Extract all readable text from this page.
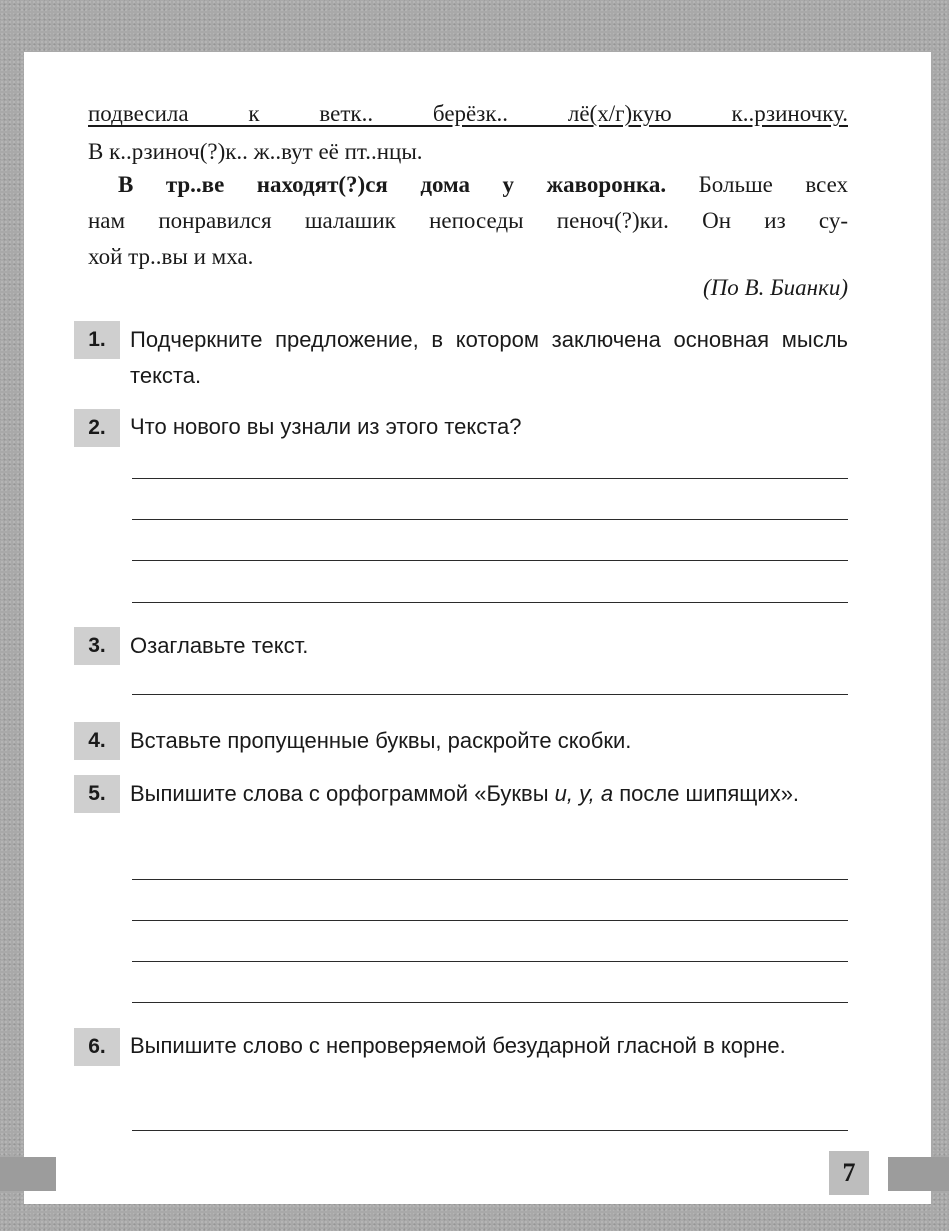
подвесила к ветк.. берёзк.. лё(х/г)кую к..рзиночку.
В к..рзиноч(?)к.. ж..вут её пт..нцы.
В тр..ве находят(?)ся дома у жаворонка. Больше всех
нам понравился шалашик непоседы пеноч(?)ки. Он из су-
хой тр..вы и мха.
(По В. Бианки)
1.	Подчеркните предложение, в котором заключена основная мысль текста.
2.	Что нового вы узнали из этого текста?
3.	Озаглавьте текст.
4.	Вставьте пропущенные буквы, раскройте скобки.
5.	Выпишите слова с орфограммой «Буквы и, у, а после шипящих».
6.	Выпишите слово с непроверяемой безударной гласной в корне.
7
